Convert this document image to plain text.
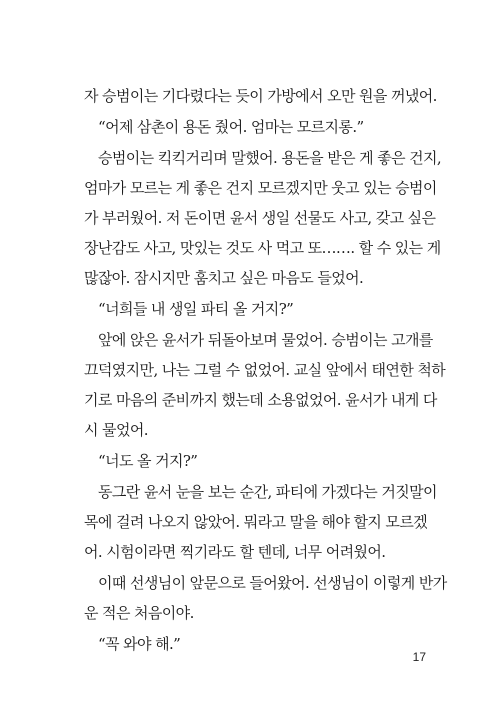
자 승범이는 기다렸다는 듯이 가방에서 오만 원을 꺼냈어.
“어제 삼촌이 용돈 줬어. 엄마는 모르지롱.”
승범이는 킥킥거리며 말했어. 용돈을 받은 게 좋은 건지,
엄마가 모르는 게 좋은 건지 모르겠지만 웃고 있는 승범이
가 부러웠어. 저 돈이면 윤서 생일 선물도 사고, 갖고 싶은
장난감도 사고, 맛있는 것도 사 먹고 또……. 할 수 있는 게
많잖아. 잠시지만 훔치고 싶은 마음도 들었어.
“너희들 내 생일 파티 올 거지?”
앞에 앉은 윤서가 뒤돌아보며 물었어. 승범이는 고개를
끄덕였지만, 나는 그럴 수 없었어. 교실 앞에서 태연한 척하
기로 마음의 준비까지 했는데 소용없었어. 윤서가 내게 다
시 물었어.
“너도 올 거지?”
동그란 윤서 눈을 보는 순간, 파티에 가겠다는 거짓말이
목에 걸려 나오지 않았어. 뭐라고 말을 해야 할지 모르겠
어. 시험이라면 찍기라도 할 텐데, 너무 어려웠어.
이때 선생님이 앞문으로 들어왔어. 선생님이 이렇게 반가
운 적은 처음이야.
“꼭 와야 해.”
17
